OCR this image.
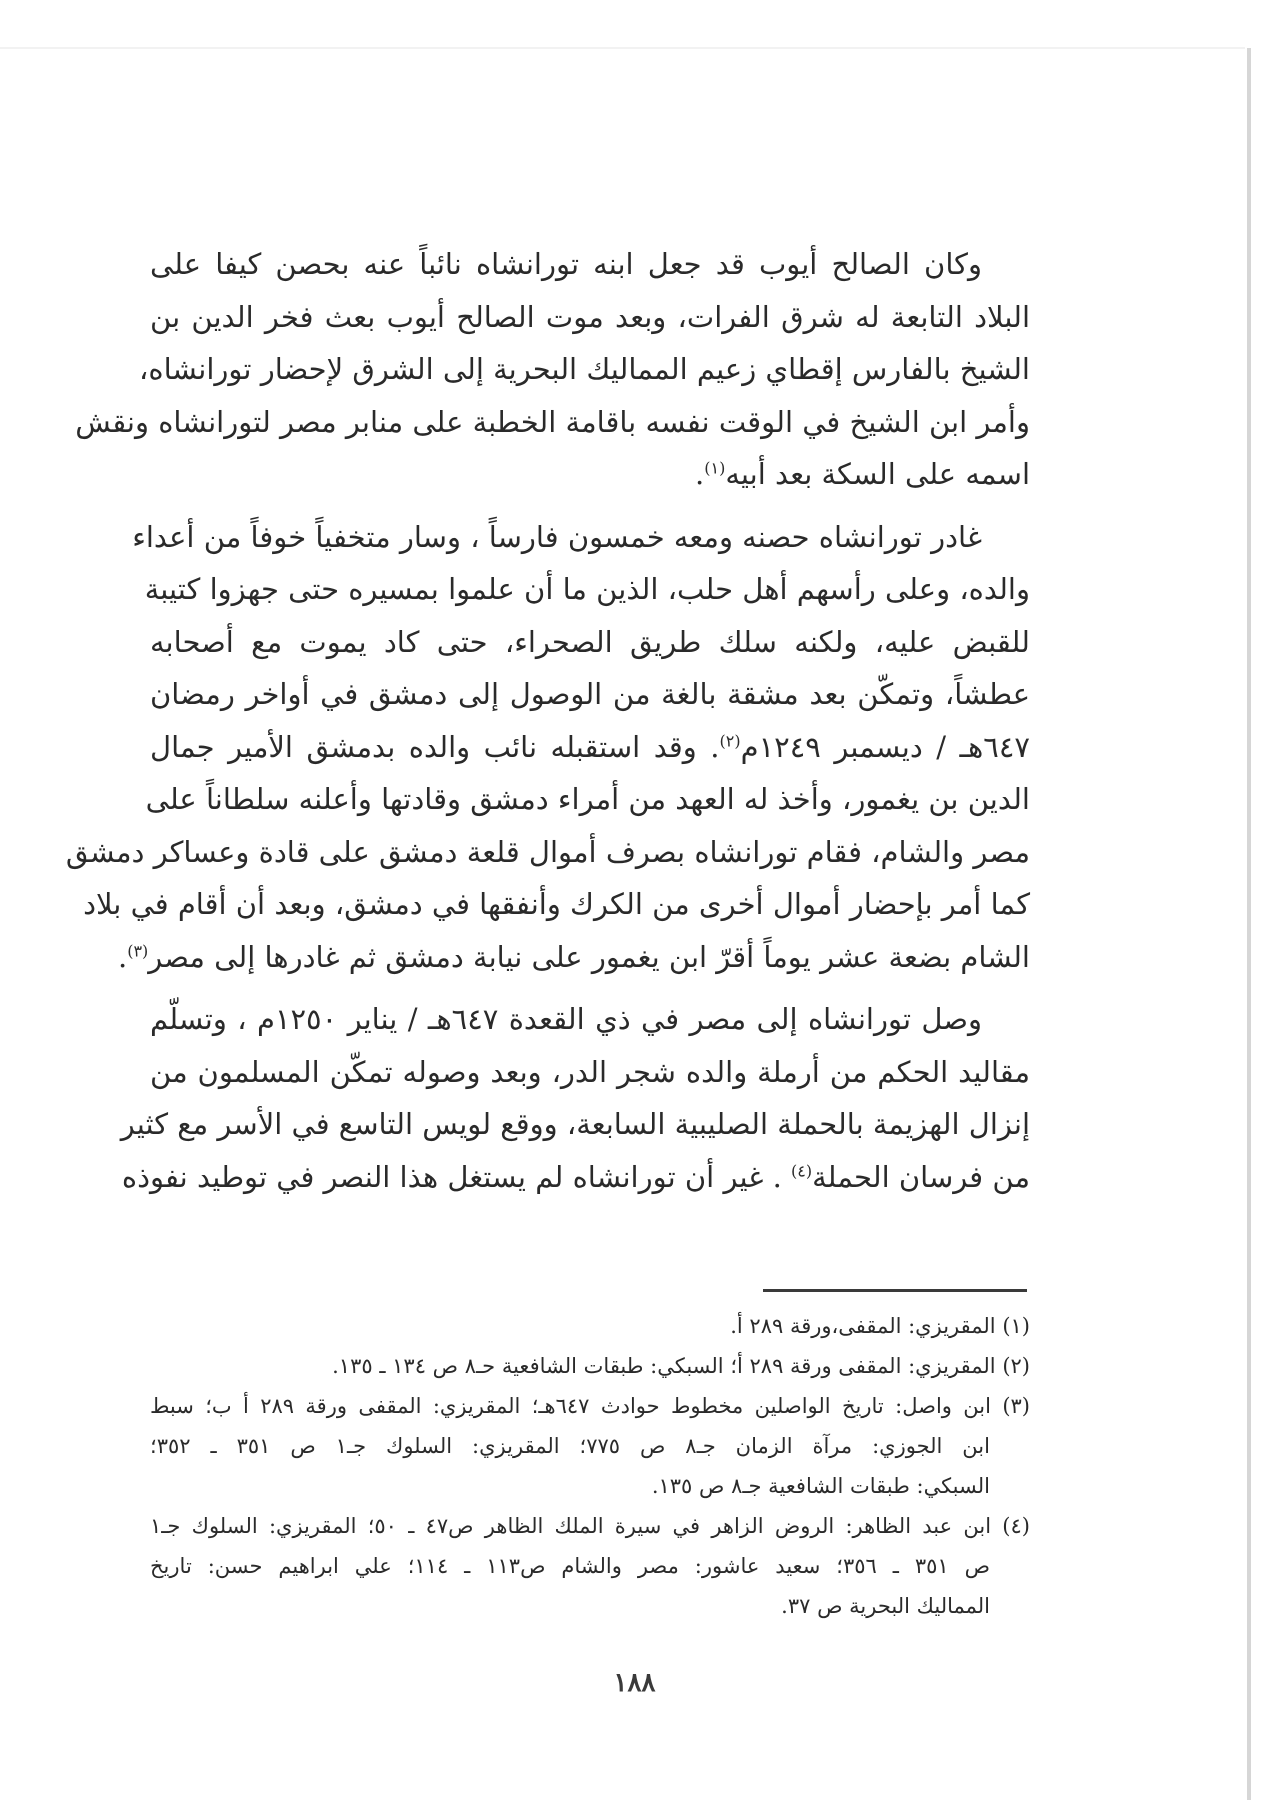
وكان الصالح أيوب قد جعل ابنه تورانشاه نائباً عنه بحصن كيفا على
البلاد التابعة له شرق الفرات، وبعد موت الصالح أيوب بعث فخر الدين بن
الشيخ بالفارس إقطاي زعيم المماليك البحرية إلى الشرق لإحضار تورانشاه،
وأمر ابن الشيخ في الوقت نفسه باقامة الخطبة على منابر مصر لتورانشاه ونقش
اسمه على السكة بعد أبيه$^{(١)}$.

غادر تورانشاه حصنه ومعه خمسون فارساً ، وسار متخفياً خوفاً من أعداء
والده، وعلى رأسهم أهل حلب، الذين ما أن علموا بمسيره حتى جهزوا كتيبة
للقبض عليه، ولكنه سلك طريق الصحراء، حتى كاد يموت مع أصحابه
عطشاً، وتمكّن بعد مشقة بالغة من الوصول إلى دمشق في أواخر رمضان
٦٤٧هـ / ديسمبر ١٢٤٩م$^{(٢)}$. وقد استقبله نائب والده بدمشق الأمير جمال
الدين بن يغمور، وأخذ له العهد من أمراء دمشق وقادتها وأعلنه سلطاناً على
مصر والشام، فقام تورانشاه بصرف أموال قلعة دمشق على قادة وعساكر دمشق
كما أمر بإحضار أموال أخرى من الكرك وأنفقها في دمشق، وبعد أن أقام في بلاد
الشام بضعة عشر يوماً أقرّ ابن يغمور على نيابة دمشق ثم غادرها إلى مصر$^{(٣)}$.

وصل تورانشاه إلى مصر في ذي القعدة ٦٤٧هـ / يناير ١٢٥٠م ، وتسلّم
مقاليد الحكم من أرملة والده شجر الدر، وبعد وصوله تمكّن المسلمون من
إنزال الهزيمة بالحملة الصليبية السابعة، ووقع لويس التاسع في الأسر مع كثير
من فرسان الحملة$^{(٤)}$ . غير أن تورانشاه لم يستغل هذا النصر في توطيد نفوذه

(١) المقريزي: المقفى،ورقة ٢٨٩ أ.
(٢) المقريزي: المقفى ورقة ٢٨٩ أ؛ السبكي: طبقات الشافعية حـ٨ ص ١٣٤ ـ ١٣٥.
(٣) ابن واصل: تاريخ الواصلين مخطوط حوادث ٦٤٧هـ؛ المقريزي: المقفى ورقة ٢٨٩ أ ب؛ سبط
ابن الجوزي: مرآة الزمان جـ٨ ص ٧٧٥؛ المقريزي: السلوك جـ١ ص ٣٥١ ـ ٣٥٢؛
السبكي: طبقات الشافعية جـ٨ ص ١٣٥.
(٤) ابن عبد الظاهر: الروض الزاهر في سيرة الملك الظاهر ص٤٧ ـ ٥٠؛ المقريزي: السلوك جـ١
ص ٣٥١ ـ ٣٥٦؛ سعيد عاشور: مصر والشام ص١١٣ ـ ١١٤؛ علي ابراهيم حسن: تاريخ
المماليك البحرية ص ٣٧.
١٨٨
